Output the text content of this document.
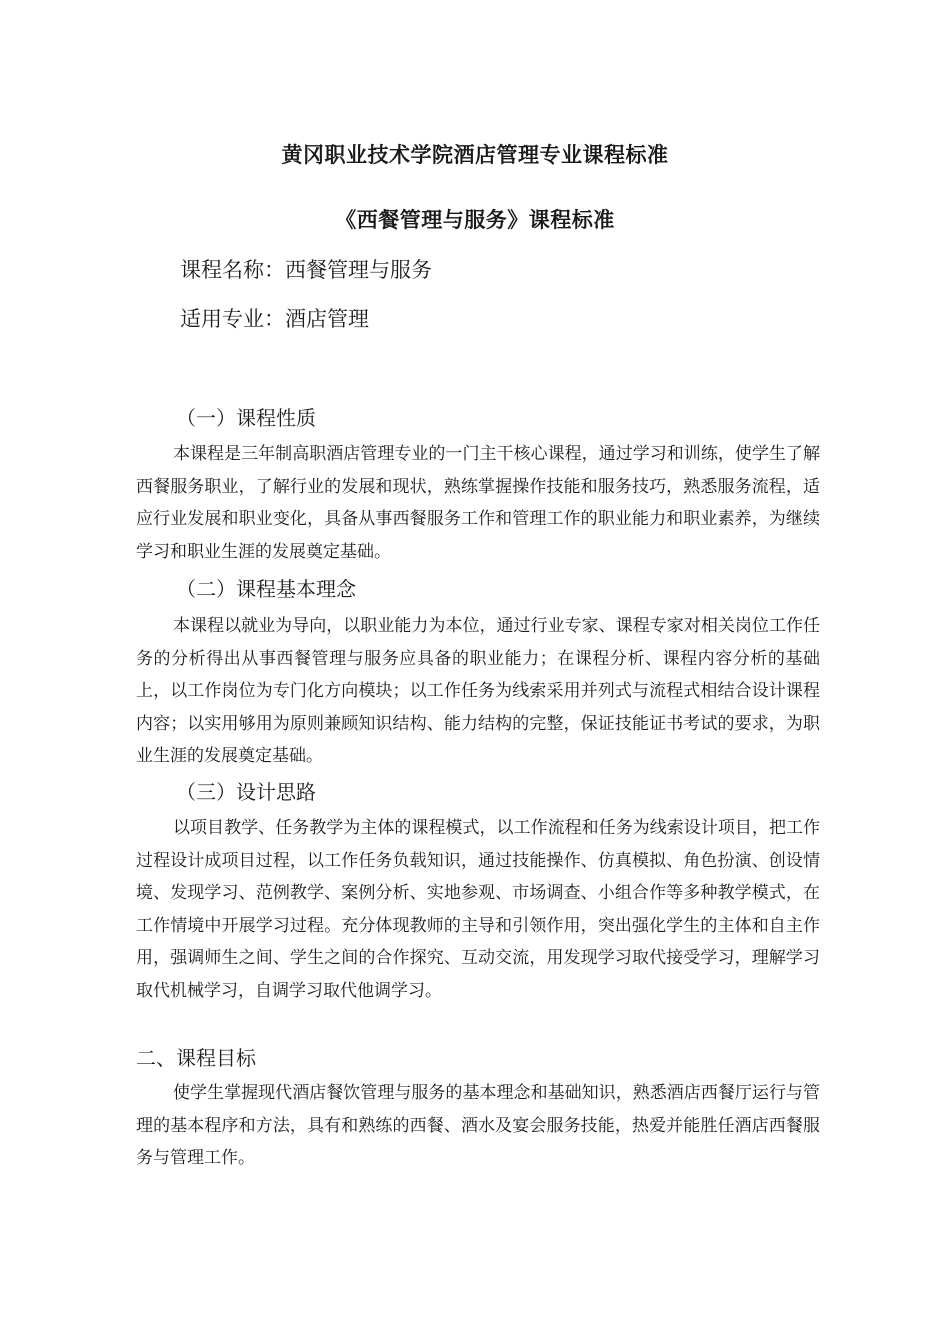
黄冈职业技术学院酒店管理专业课程标准
《西餐管理与服务》课程标准
课程名称：西餐管理与服务
适用专业：酒店管理
（一）课程性质

本课程是三年制高职酒店管理专业的一门主干核心课程，通过学习和训练，使学生了解西餐服务职业，了解行业的发展和现状，熟练掌握操作技能和服务技巧，熟悉服务流程，适应行业发展和职业变化，具备从事西餐服务工作和管理工作的职业能力和职业素养，为继续学习和职业生涯的发展奠定基础。

（二）课程基本理念

本课程以就业为导向，以职业能力为本位，通过行业专家、课程专家对相关岗位工作任务的分析得出从事西餐管理与服务应具备的职业能力；在课程分析、课程内容分析的基础上，以工作岗位为专门化方向模块；以工作任务为线索采用并列式与流程式相结合设计课程内容；以实用够用为原则兼顾知识结构、能力结构的完整，保证技能证书考试的要求，为职业生涯的发展奠定基础。

（三）设计思路

以项目教学、任务教学为主体的课程模式，以工作流程和任务为线索设计项目，把工作过程设计成项目过程，以工作任务负载知识，通过技能操作、仿真模拟、角色扮演、创设情境、发现学习、范例教学、案例分析、实地参观、市场调查、小组合作等多种教学模式，在工作情境中开展学习过程。充分体现教师的主导和引领作用，突出强化学生的主体和自主作用，强调师生之间、学生之间的合作探究、互动交流，用发现学习取代接受学习，理解学习取代机械学习，自调学习取代他调学习。

二、课程目标

使学生掌握现代酒店餐饮管理与服务的基本理念和基础知识，熟悉酒店西餐厅运行与管理的基本程序和方法，具有和熟练的西餐、酒水及宴会服务技能，热爱并能胜任酒店西餐服务与管理工作。
